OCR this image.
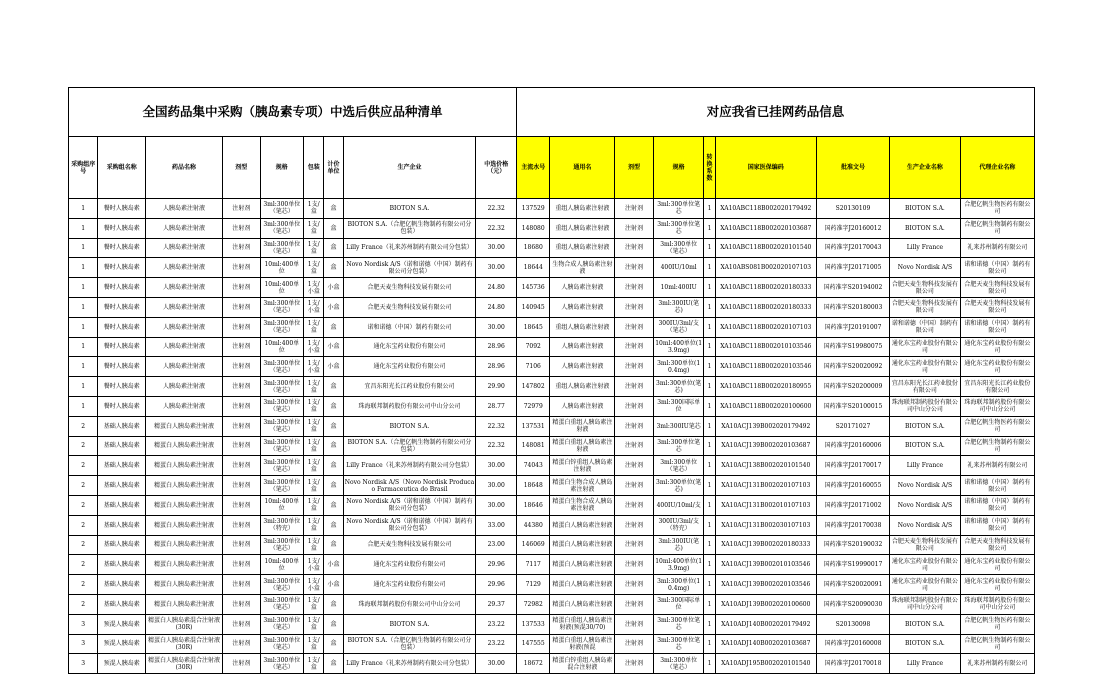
全国药品集中采购（胰岛素专项）中选后供应品种清单									对应我省已挂网药品信息								
采购组序号	采购组名称	药品名称	剂型	规格	包装	计价单位	生产企业	中选价格（元）	主流水号	通用名	剂型	规格	转换系数	国家医保编码	批准文号	生产企业名称	代理企业名称
1	餐时人胰岛素	人胰岛素注射液	注射剂	3ml:300单位（笔芯）	1支/盒	盒	BIOTON S.A.	22.32	137529	重组人胰岛素注射液	注射剂	3ml:300单位笔芯	1	XA10ABC118B002020179492	S20130109	BIOTON S.A.	合肥亿帆生物医药有限公司
1	餐时人胰岛素	人胰岛素注射液	注射剂	3ml:300单位（笔芯）	1支/盒	盒	BIOTON S.A.（合肥亿帆生物制药有限公司分包装）	22.32	148080	重组人胰岛素注射液	注射剂	3ml:300单位笔芯	1	XA10ABC118B002020103687	国药准字J20160012	BIOTON S.A.	合肥亿帆生物制药有限公司
1	餐时人胰岛素	人胰岛素注射液	注射剂	3ml:300单位（笔芯）	1支/盒	盒	Lilly France（礼来苏州制药有限公司分包装）	30.00	18680	重组人胰岛素注射液	注射剂	3ml:300单位（笔芯）	1	XA10ABC118B002020101540	国药准字J20170043	Lilly France	礼来苏州制药有限公司
1	餐时人胰岛素	人胰岛素注射液	注射剂	10ml:400单位	1支/盒	盒	Novo Nordisk A/S（诺和诺德（中国）制药有限公司分包装）	30.00	18644	生物合成人胰岛素注射液	注射剂	400IU/10ml	1	XA10ABS081B002020107103	国药准字J20171005	Novo Nordisk A/S	诺和诺德（中国）制药有限公司
1	餐时人胰岛素	人胰岛素注射液	注射剂	10ml:400单位	1支/小盒	小盒	合肥天麦生物科技发展有限公司	24.80	145736	人胰岛素注射液	注射剂	10ml:400IU	1	XA10ABC118B002020180333	国药准字S20194002	合肥天麦生物科技发展有限公司	合肥天麦生物科技发展有限公司
1	餐时人胰岛素	人胰岛素注射液	注射剂	3ml:300单位（笔芯）	1支/小盒	小盒	合肥天麦生物科技发展有限公司	24.80	140945	人胰岛素注射液	注射剂	3ml:300IU(笔芯)	1	XA10ABC118B002020180333	国药准字S20180003	合肥天麦生物科技发展有限公司	合肥天麦生物科技发展有限公司
1	餐时人胰岛素	人胰岛素注射液	注射剂	3ml:300单位（笔芯）	1支/盒	盒	诺和诺德（中国）制药有限公司	30.00	18645	重组人胰岛素注射液	注射剂	300IU/3ml/支（笔芯）	1	XA10ABC118B002020107103	国药准字J20191007	诺和诺德（中国）制药有限公司	诺和诺德（中国）制药有限公司
1	餐时人胰岛素	人胰岛素注射液	注射剂	10ml:400单位	1支/小盒	小盒	通化东宝药业股份有限公司	28.96	7092	人胰岛素注射液	注射剂	10ml:400单位(13.9mg)	1	XA10ABC118B002010103546	国药准字S19980075	通化东宝药业股份有限公司	通化东宝药业股份有限公司
1	餐时人胰岛素	人胰岛素注射液	注射剂	3ml:300单位（笔芯）	1支/小盒	小盒	通化东宝药业股份有限公司	28.96	7106	人胰岛素注射液	注射剂	3ml:300单位(10.4mg)	1	XA10ABC118B002020103546	国药准字S20020092	通化东宝药业股份有限公司	通化东宝药业股份有限公司
1	餐时人胰岛素	人胰岛素注射液	注射剂	3ml:300单位（笔芯）	1支/盒	盒	宜昌东阳光长江药业股份有限公司	29.90	147802	重组人胰岛素注射液	注射剂	3ml:300单位(笔芯)	1	XA10ABC118B002020180955	国药准字S20200009	宜昌东阳光长江药业股份有限公司	宜昌东阳光长江药业股份有限公司
1	餐时人胰岛素	人胰岛素注射液	注射剂	3ml:300单位（笔芯）	1支/盒	盒	珠海联邦制药股份有限公司中山分公司	28.77	72979	人胰岛素注射液	注射剂	3ml:300国际单位	1	XA10ABC118B002020100600	国药准字S20100015	珠海联邦制药股份有限公司中山分公司	珠海联邦制药股份有限公司中山分公司
2	基础人胰岛素	精蛋白人胰岛素注射液	注射剂	3ml:300单位（笔芯）	1支/盒	盒	BIOTON S.A.	22.32	137531	精蛋白重组人胰岛素注射液	注射剂	3ml:300IU笔芯	1	XA10ACJ139B002020179492	S20171027	BIOTON S.A.	合肥亿帆生物医药有限公司
2	基础人胰岛素	精蛋白人胰岛素注射液	注射剂	3ml:300单位（笔芯）	1支/盒	盒	BIOTON S.A.（合肥亿帆生物制药有限公司分包装）	22.32	148081	精蛋白重组人胰岛素注射液	注射剂	3ml:300单位笔芯	1	XA10ACJ139B002020103687	国药准字J20160006	BIOTON S.A.	合肥亿帆生物制药有限公司
2	基础人胰岛素	精蛋白人胰岛素注射液	注射剂	3ml:300单位（笔芯）	1支/盒	盒	Lilly France（礼来苏州制药有限公司分包装）	30.00	74043	精蛋白锌重组人胰岛素注射液	注射剂	3ml:300单位（笔芯）	1	XA10ACJ138B002020101540	国药准字J20170017	Lilly France	礼来苏州制药有限公司
2	基础人胰岛素	精蛋白人胰岛素注射液	注射剂	3ml:300单位（笔芯）	1支/盒	盒	Novo Nordisk A/S（Novo Nordisk Producao Farmaceutica do Brasil	30.00	18648	精蛋白生物合成人胰岛素注射液	注射剂	3ml:300单位(笔芯)	1	XA10ACJ131B002020107103	国药准字J20160055	Novo Nordisk A/S	诺和诺德（中国）制药有限公司
2	基础人胰岛素	精蛋白人胰岛素注射液	注射剂	10ml:400单位	1支/盒	盒	Novo Nordisk A/S（诺和诺德（中国）制药有限公司分包装）	30.00	18646	精蛋白生物合成人胰岛素注射液	注射剂	400IU/10ml/支	1	XA10ACJ131B002010107103	国药准字J20171002	Novo Nordisk A/S	诺和诺德（中国）制药有限公司
2	基础人胰岛素	精蛋白人胰岛素注射液	注射剂	3ml:300单位（特充）	1支/盒	盒	Novo Nordisk A/S（诺和诺德（中国）制药有限公司分包装）	33.00	44380	精蛋白人胰岛素注射液	注射剂	300IU/3ml/支（特充）	1	XA10ACJ131B002030107103	国药准字J20170038	Novo Nordisk A/S	诺和诺德（中国）制药有限公司
2	基础人胰岛素	精蛋白人胰岛素注射液	注射剂	3ml:300单位（笔芯）	1支/盒	盒	合肥天麦生物科技发展有限公司	23.00	146069	精蛋白人胰岛素注射液	注射剂	3ml:300IU(笔芯)	1	XA10ACJ139B002020180333	国药准字S20190032	合肥天麦生物科技发展有限公司	合肥天麦生物科技发展有限公司
2	基础人胰岛素	精蛋白人胰岛素注射液	注射剂	10ml:400单位	1支/小盒	小盒	通化东宝药业股份有限公司	29.96	7117	精蛋白人胰岛素注射液	注射剂	10ml:400单位(13.9mg)	1	XA10ACJ139B002010103546	国药准字S19990017	通化东宝药业股份有限公司	通化东宝药业股份有限公司
2	基础人胰岛素	精蛋白人胰岛素注射液	注射剂	3ml:300单位（笔芯）	1支/小盒	小盒	通化东宝药业股份有限公司	29.96	7129	精蛋白人胰岛素注射液	注射剂	3ml:300单位(10.4mg)	1	XA10ACJ139B002020103546	国药准字S20020091	通化东宝药业股份有限公司	通化东宝药业股份有限公司
2	基础人胰岛素	精蛋白人胰岛素注射液	注射剂	3ml:300单位（笔芯）	1支/盒	盒	珠海联邦制药股份有限公司中山分公司	29.37	72982	精蛋白人胰岛素注射液	注射剂	3ml:300国际单位	1	XA10ADJ139B002020100600	国药准字S20090030	珠海联邦制药股份有限公司中山分公司	珠海联邦制药股份有限公司中山分公司
3	预混人胰岛素	精蛋白人胰岛素混合注射液(30R)	注射剂	3ml:300单位（笔芯）	1支/盒	盒	BIOTON S.A.	23.22	137533	精蛋白重组人胰岛素注射液(预混30/70)	注射剂	3ml:300单位笔芯	1	XA10ADJ140B002020179492	S20130098	BIOTON S.A.	合肥亿帆生物医药有限公司
3	预混人胰岛素	精蛋白人胰岛素混合注射液(30R)	注射剂	3ml:300单位（笔芯）	1支/盒	盒	BIOTON S.A.（合肥亿帆生物制药有限公司分包装）	23.22	147555	精蛋白重组人胰岛素注射液(预混	注射剂	3ml:300单位笔芯	1	XA10ADJ140B002020103687	国药准字J20160008	BIOTON S.A.	合肥亿帆生物制药有限公司
3	预混人胰岛素	精蛋白人胰岛素混合注射液(30R)	注射剂	3ml:300单位（笔芯）	1支/盒	盒	Lilly France（礼来苏州制药有限公司分包装）	30.00	18672	精蛋白锌重组人胰岛素混合注射液	注射剂	3ml:300单位（笔芯）	1	XA10ADJ195B002020101540	国药准字J20170018	Lilly France	礼来苏州制药有限公司
